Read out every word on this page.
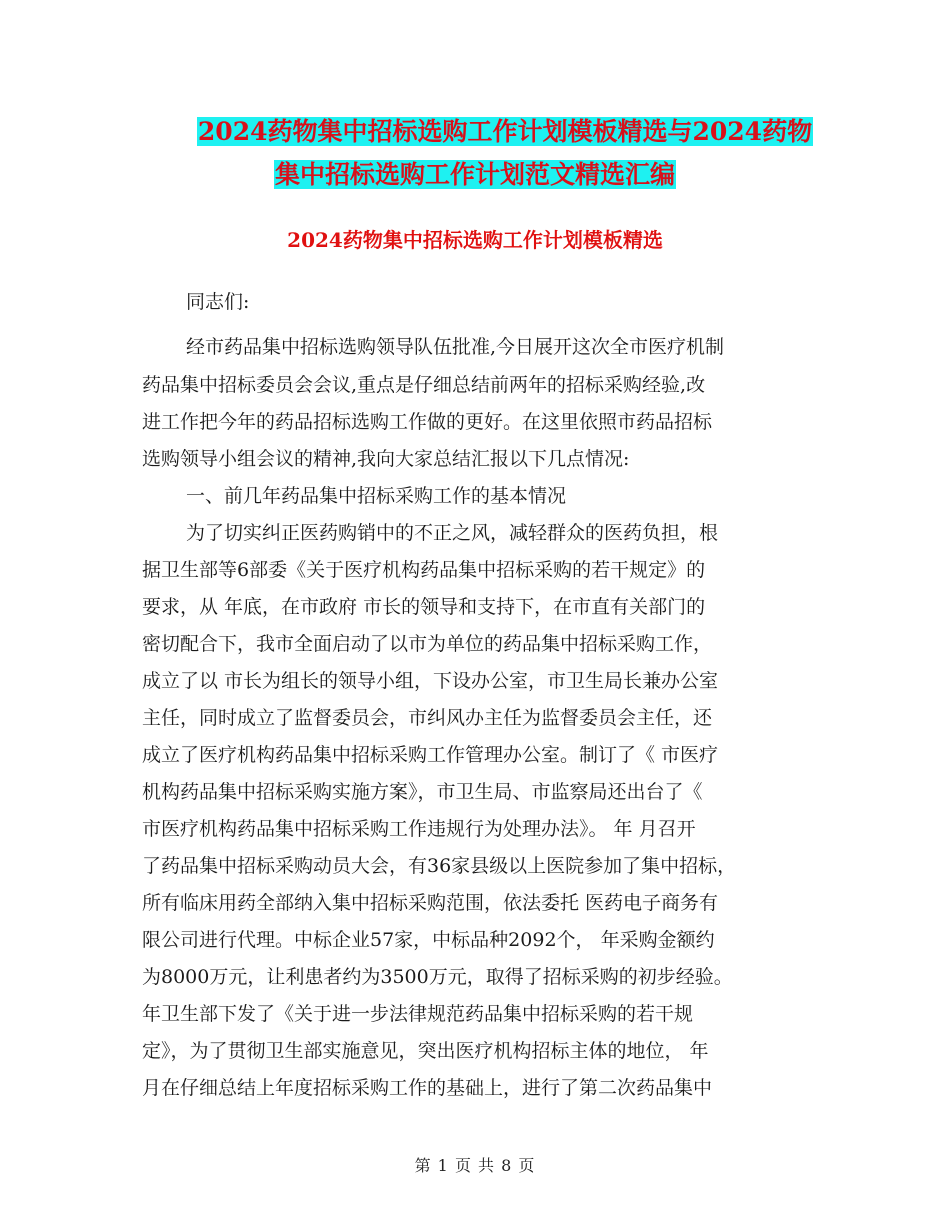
2024药物集中招标选购工作计划模板精选与2024药物
集中招标选购工作计划范文精选汇编
2024药物集中招标选购工作计划模板精选
同志们:
经市药品集中招标选购领导队伍批准,今日展开这次全市医疗机制
药品集中招标委员会会议,重点是仔细总结前两年的招标采购经验,改
进工作把今年的药品招标选购工作做的更好。在这里依照市药品招标
选购领导小组会议的精神,我向大家总结汇报以下几点情况:
一、前几年药品集中招标采购工作的基本情况
为了切实纠正医药购销中的不正之风，减轻群众的医药负担，根
据卫生部等6部委《关于医疗机构药品集中招标采购的若干规定》的
要求，从 年底，在市政府 市长的领导和支持下，在市直有关部门的
密切配合下，我市全面启动了以市为单位的药品集中招标采购工作，
成立了以 市长为组长的领导小组，下设办公室，市卫生局长兼办公室
主任，同时成立了监督委员会，市纠风办主任为监督委员会主任，还
成立了医疗机构药品集中招标采购工作管理办公室。制订了《 市医疗
机构药品集中招标采购实施方案》，市卫生局、市监察局还出台了《
市医疗机构药品集中招标采购工作违规行为处理办法》。 年 月召开
了药品集中招标采购动员大会，有36家县级以上医院参加了集中招标，
所有临床用药全部纳入集中招标采购范围，依法委托 医药电子商务有
限公司进行代理。中标企业57家，中标品种2092个， 年采购金额约
为8000万元，让利患者约为3500万元，取得了招标采购的初步经验。
年卫生部下发了《关于进一步法律规范药品集中招标采购的若干规
定》，为了贯彻卫生部实施意见，突出医疗机构招标主体的地位， 年
月在仔细总结上年度招标采购工作的基础上，进行了第二次药品集中
第 1 页 共 8 页
